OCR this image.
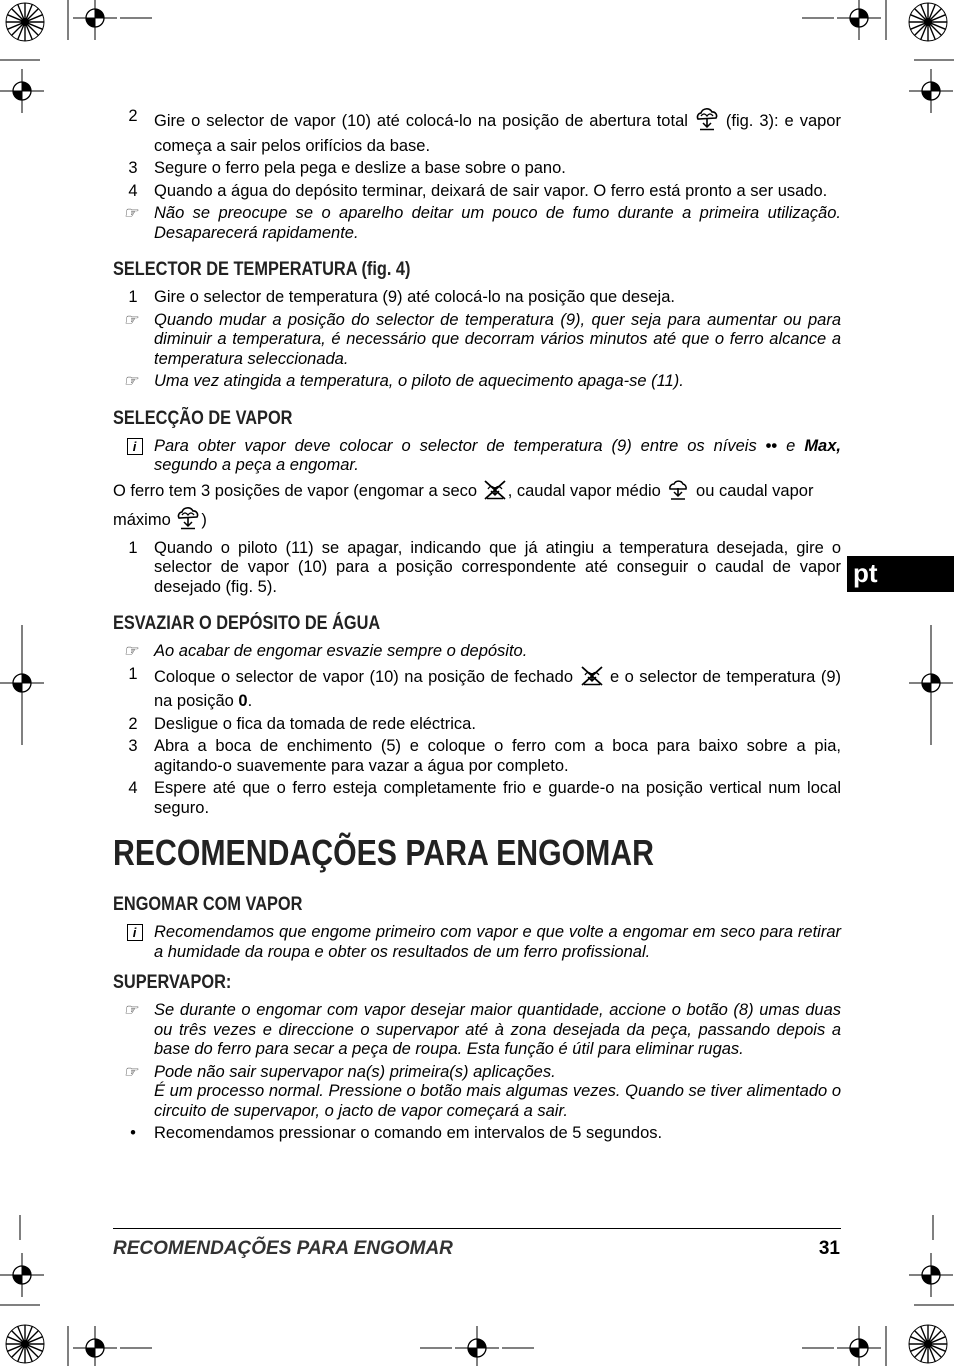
pt
2 Gire o selector de vapor (10) até colocá-lo na posição de abertura total  (fig. 3): e vapor começa a sair pelos orifícios da base.
3 Segure o ferro pela pega e deslize a base sobre o pano.
4 Quando a água do depósito terminar, deixará de sair vapor. O ferro está pronto a ser usado.
☞ Não se preocupe se o aparelho deitar um pouco de fumo durante a primeira utilização. Desaparecerá rapidamente.
SELECTOR DE TEMPERATURA (fig. 4)
1 Gire o selector de temperatura (9) até colocá-lo na posição que deseja.
☞ Quando mudar a posição do selector de temperatura (9), quer seja para aumentar ou para diminuir a temperatura, é necessário que decorram vários minutos até que o ferro alcance a temperatura seleccionada.
☞ Uma vez atingida a temperatura, o piloto de aquecimento apaga-se (11).
SELECÇÃO DE VAPOR
i	Para obter vapor deve colocar o selector de temperatura (9) entre os níveis •• e Max, segundo a peça a engomar.
O ferro tem 3 posições de vapor (engomar a seco , caudal vapor médio  ou caudal vapor máximo )
1 Quando o piloto (11) se apagar, indicando que já atingiu a temperatura desejada, gire o selector de vapor (10) para a posição correspondente até conseguir o caudal de vapor desejado (fig. 5).
ESVAZIAR O DEPÓSITO DE ÁGUA
☞ Ao acabar de engomar esvazie sempre o depósito.
1 Coloque o selector de vapor (10) na posição de fechado  e o selector de temperatura (9) na posição 0.
2 Desligue o fica da tomada de rede eléctrica.
3 Abra a boca de enchimento (5) e coloque o ferro com a boca para baixo sobre a pia, agitando-o suavemente para vazar a água por completo.
4 Espere até que o ferro esteja completamente frio e guarde-o na posição vertical num local seguro.
RECOMENDAÇÕES PARA ENGOMAR
ENGOMAR COM VAPOR
i	Recomendamos que engome primeiro com vapor e que volte a engomar em seco para retirar a humidade da roupa e obter os resultados de um ferro profissional.
SUPERVAPOR:
☞ Se durante o engomar com vapor desejar maior quantidade, accione o botão (8) umas duas ou três vezes e direccione o supervapor até à zona desejada da peça, passando depois a base do ferro para secar a peça de roupa. Esta função é útil para eliminar rugas.
☞ Pode não sair supervapor na(s) primeira(s) aplicações.
É um processo normal. Pressione o botão mais algumas vezes. Quando se tiver alimentado o circuito de supervapor, o jacto de vapor começará a sair.
•	Recomendamos pressionar o comando em intervalos de 5 segundos.
RECOMENDAÇÕES PARA ENGOMAR	31
